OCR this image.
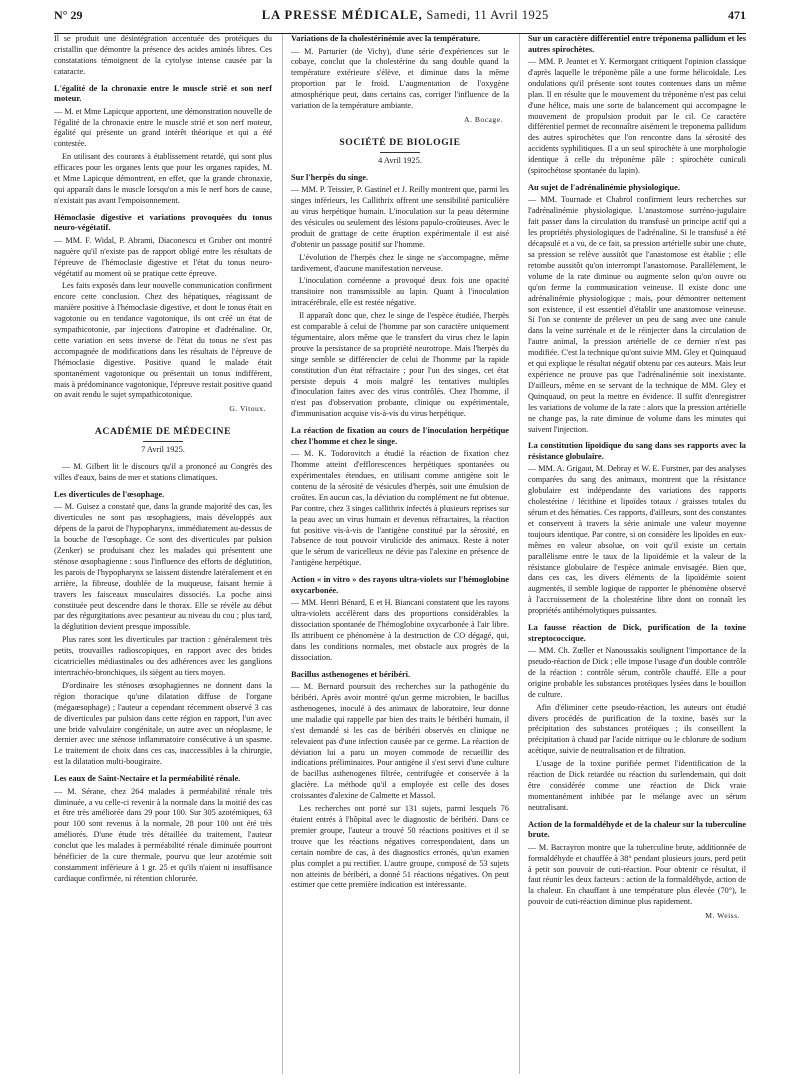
N° 29	LA PRESSE MÉDICALE, Samedi, 11 Avril 1925	471

Il se produit une désintégration accentuée des protéiques du cristallin que démontre la présence des acides aminés libres. Ces constatations témoignent de la cytolyse intense causée par la cataracte.

L'égalité de la chronaxie entre le muscle strié et son nerf moteur.

— M. et Mme Lapicque apportent, une démonstration nouvelle de l'égalité de la chronaxie entre le muscle strié et son nerf moteur, égalité qui présente un grand intérêt théorique et qui a été contestée.

En utilisant des courants à établissement retardé, qui sont plus efficaces pour les organes lents que pour les organes rapides, M. et Mme Lapicque démontrent, en effet, que la grande chronaxie, qui apparaît dans le muscle lorsqu'on a mis le nerf hors de cause, n'existait pas avant l'empoisonnement.

Hémoclasie digestive et variations provoquées du tonus neuro-végétatif.

— MM. F. Widal, P. Abrami, Diaconescu et Gruber ont montré naguère qu'il n'existe pas de rapport obligé entre les résultats de l'épreuve de l'hémoclasie digestive et l'état du tonus neuro-végétatif au moment où se pratique cette épreuve.

Les faits exposés dans leur nouvelle communication confirment encore cette conclusion. Chez des hépatiques, réagissant de manière positive à l'hémoclasie digestive, et dont le tonus était en vagotonie ou en tendance vagotonique, ils ont créé un état de sympathicotonie, par injections d'atropine et d'adrénaline. Or, cette variation en sens inverse de l'état du tonus ne s'est pas accompagnée de modifications dans les résultats de l'épreuve de l'hémoclasie digestive. Positive quand le malade était spontanément vagotonique ou présentait un tonus indifférent, mais à prédominance vagotonique, l'épreuve restait positive quand on avait rendu le sujet sympathicotonique.

G. Vitoux.

ACADÉMIE DE MÉDECINE
7 Avril 1925.

— M. Gilbert lit le discours qu'il a prononcé au Congrès des villes d'eaux, bains de mer et stations climatiques.

Les diverticules de l'œsophage.

— M. Guisez a constaté que, dans la grande majorité des cas, les diverticules ne sont pas œsophagiens, mais développés aux dépens de la paroi de l'hypopharynx, immédiatement au-dessus de la bouche de l'œsophage. Ce sont des diverticules par pulsion (Zenker) se produisant chez les malades qui présentent une sténose œsophagienne : sous l'influence des efforts de déglutition, les parois de l'hypopharynx se laissent distendre latéralement et en arrière, la fibreuse, doublée de la muqueuse, faisant hernie à travers les faisceaux musculaires dissociés. La poche ainsi constituée peut descendre dans le thorax. Elle se révèle au début par des régurgitations avec pesanteur au niveau du cou ; plus tard, la déglutition devient presque impossible.

Plus rares sont les diverticules par traction : généralement très petits, trouvailles radioscopiques, en rapport avec des brides cicatricielles médiastinales ou des adhérences avec les ganglions intertrachéo-bronchiques, ils siègent au tiers moyen.

D'ordinaire les sténoses œsophagiennes ne donnent dans la région thoracique qu'une dilatation diffuse de l'organe (mégaœsophage) ; l'auteur a cependant récemment observé 3 cas de diverticules par pulsion dans cette région en rapport, l'un avec une bride valvulaire congénitale, un autre avec un néoplasme, le dernier avec une sténose inflammatoire consécutive à un spasme. Le traitement de choix dans ces cas, inaccessibles à la chirurgie, est la dilatation multi-bougiraire.

Les eaux de Saint-Nectaire et la perméabilité rénale.

— M. Sérane, chez 264 malades à perméabilité rénale très diminuée, a vu celle-ci revenir à la normale dans la moitié des cas et être très améliorée dans 29 pour 100. Sur 305 azotémiques, 63 pour 100 sont revenus à la normale, 28 pour 100 ont été très améliorés. D'une étude très détaillée du traitement, l'auteur conclut que les malades à perméabilité rénale diminuée pourront bénéficier de la cure thermale, pourvu que leur azotémie soit constamment inférieure à 1 gr. 25 et qu'ils n'aient ni insuffisance cardiaque confirmée, ni rétention chlorurée.

Variations de la cholestérinémie avec la température.

— M. Parturier (de Vichy), d'une série d'expériences sur le cobaye, conclut que la cholestérine du sang double quand la température extérieure s'élève, et diminue dans la même proportion par le froid. L'augmentation de l'oxygène atmosphérique peut, dans certains cas, corriger l'influence de la variation de la température ambiante.

A. Bocage.

SOCIÉTÉ DE BIOLOGIE
4 Avril 1925.
Sur l'herpès du singe.

— MM. P. Teissier, P. Gastinel et J. Reilly montrent que, parmi les singes inférieurs, les Callithrix offrent une sensibilité particulière au virus herpétique humain. L'inoculation sur la peau détermine des vésicules ou seulement des lésions papulo-croûteuses. Avec le produit de grattage de cette éruption expérimentale il est aisé d'obtenir un passage positif sur l'homme.

L'évolution de l'herpès chez le singe ne s'accompagne, même tardivement, d'aucune manifestation nerveuse.

L'inoculation cornéenne a provoqué deux fois une opacité transitoire non transmissible au lapin. Quant à l'inoculation intracérébrale, elle est restée négative.

Il apparaît donc que, chez le singe de l'espèce étudiée, l'herpès est comparable à celui de l'homme par son caractère uniquement tégumentaire, alors même que le transfert du virus chez le lapin prouve la persistance de sa propriété neurotrope. Mais l'herpès du singe semble se différencier de celui de l'homme par la rapide constitution d'un état réfractaire ; pour l'un des singes, cet état persiste depuis 4 mois malgré les tentatives multiples d'inoculation faites avec des virus contrôlés. Chez l'homme, il n'est pas d'observation probante, clinique ou expérimentale, d'immunisation acquise vis-à-vis du virus herpétique.

La réaction de fixation au cours de l'inoculation herpétique chez l'homme et chez le singe.

— M. K. Todorovitch a étudié la réaction de fixation chez l'homme atteint d'efflorescences herpétiques spontanées ou expérimentales étendues, en utilisant comme antigène soit le contenu de la sérosité de vésicules d'herpès, soit une émulsion de croûtes. En aucun cas, la déviation du complément ne fut obtenue. Par contre, chez 3 singes callithrix infectés à plusieurs reprises sur la peau avec un virus humain et devenus réfractaires, la réaction fut positive vis-à-vis de l'antigène constitué par la sérosité, en l'absence de tout pouvoir virulicide des animaux. Reste à noter que le sérum de varicelleux ne dévie pas l'alexine en présence de l'antigène herpétique.

Action « in vitro » des rayons ultra-violets sur l'hémoglobine oxycarbonée.

— MM. Henri Bénard, E et H. Biancani constatent que les rayons ultra-violets accélèrent dans des proportions considérables la dissociation spontanée de l'hémoglobine oxycarbonée à l'air libre. Ils attribuent ce phénomène à la destruction de CO dégagé, qui, dans les conditions normales, met obstacle aux progrès de la dissociation.

Bacillus asthenogenes et béribéri.

— M. Bernard poursuit des recherches sur la pathogénie du béribéri. Après avoir montré qu'un germe microbien, le bacillus asthenogenes, inoculé à des animaux de laboratoire, leur donne une maladie qui rappelle par bien des traits le béribéri humain, il s'est demandé si les cas de béribéri observés en clinique ne relevaient pas d'une infection causée par ce germe. La réaction de déviation lui a paru un moyen commode de recueillir des indications préliminaires. Pour antigène il s'est servi d'une culture de bacillus asthenogenes filtrée, centrifugée et conservée à la glacière. La méthode qu'il a employée est celle des doses croissantes d'alexine de Calmette et Massol.

Les recherches ont porté sur 131 sujets, parmi lesquels 76 étaient entrés à l'hôpital avec le diagnostic de béribéri. Dans ce premier groupe, l'auteur a trouvé 50 réactions positives et il se trouve que les réactions négatives correspondaient, dans un certain nombre de cas, à des diagnostics erronés, qu'un examen plus complet a pu rectifier. L'autre groupe, composé de 53 sujets non atteints de béribéri, a donné 51 réactions négatives. On peut estimer que cette première indication est intéressante.

Sur un caractère différentiel entre tréponema pallidum et les autres spirochètes.

— MM. P. Jeantet et Y. Kermorgant critiquent l'opinion classique d'après laquelle le tréponème pâle a une forme hélicoïdale. Les ondulations qu'il présente sont toutes contenues dans un même plan. Il en résulte que le mouvement du tréponème n'est pas celui d'une hélice, mais une sorte de balancement qui accompagne le mouvement de propulsion produit par le cil. Ce caractère différentiel permet de reconnaître aisément le treponema pallidum des autres spirochètes que l'on rencontre dans la sérosité des accidents syphilitiques. Il a un seul spirochète à une morphologie identique à celle du tréponème pâle : spirochète cuniculi (spirochétose spontanée du lapin).

Au sujet de l'adrénalinémie physiologique.

— MM. Tournade et Chabrol confirment leurs recherches sur l'adrénalinémie physiologique. L'anastomose surréno-jugulaire fait passer dans la circulation du transfusé un principe actif qui a les propriétés physiologiques de l'adrénaline. Si le transfusé a été décapsulé et a vu, de ce fait, sa pression artérielle subir une chute, sa pression se relève aussitôt que l'anastomose est établie ; elle retombe aussitôt qu'on interrompt l'anastomose. Parallèlement, le volume de la rate diminue ou augmente selon qu'on ouvre ou qu'on ferme la communication veineuse. Il existe donc une adrénalinémie physiologique ; mais, pour démontrer nettement son existence, il est essentiel d'établir une anastomose veineuse. Si l'on se contente de prélever un peu de sang avec une canule dans la veine surrénale et de le réinjecter dans la circulation de l'autre animal, la pression artérielle de ce dernier n'est pas modifiée. C'est la technique qu'ont suivie MM. Gley et Quinquaud et qui explique le résultat négatif obtenu par ces auteurs. Mais leur expérience ne prouve pas que l'adrénalinémie soit inexistante. D'ailleurs, même en se servant de la technique de MM. Gley et Quinquaud, on peut la mettre en évidence. Il suffit d'enregistrer les variations de volume de la rate : alors que la pression artérielle ne change pas, la rate diminue de volume dans les minutes qui suivent l'injection.

La constitution lipoïdique du sang dans ses rapports avec la résistance globulaire.

— MM. A. Grigaut, M. Debray et W. E. Furstner, par des analyses comparées du sang des animaux, montrent que la résistance globulaire est indépendante des variations des rapports cholestérine / lécithine et lipoïdes totaux / graisses totales du sérum et des hématies. Ces rapports, d'ailleurs, sont des constantes et conservent à travers la série animale une valeur moyenne toujours identique. Par contre, si on considère les lipoïdes en eux-mêmes en valeur absolue, on voit qu'il existe un certain parallélisme entre le taux de la lipoïdémie et la valeur de la résistance globulaire de l'espèce animale envisagée. Bien que, dans ces cas, les divers éléments de la lipoïdémie soient augmentés, il semble logique de rapporter le phénomène observé à l'accroissement de la cholestérine libre dont on connaît les propriétés antihémolytiques puissantes.

La fausse réaction de Dick, purification de la toxine streptococcique.

— MM. Ch. Zœller et Nanoussakis soulignent l'importance de la pseudo-réaction de Dick ; elle impose l'usage d'un double contrôle de la réaction : contrôle sérum, contrôle chauffé. Elle a pour origine probable les substances protéiques lysées dans le bouillon de culture.

Afin d'éliminer cette pseudo-réaction, les auteurs ont étudié divers procédés de purification de la toxine, basés sur la précipitation des substances protéiques ; ils conseillent la précipitation à chaud par l'acide nitrique ou le chlorure de sodium acétique, suivie de neutralisation et de filtration.

L'usage de la toxine purifiée permet l'identification de la réaction de Dick retardée ou réaction du surlendemain, qui doit être considérée comme une réaction de Dick vraie momentanément inhibée par le mélange avec un sérum neutralisant.

Action de la formaldéhyde et de la chaleur sur la tuberculine brute.

— M. Bacrayron montre que la tuberculine brute, additionnée de formaldéhyde et chauffée à 38° pendant plusieurs jours, perd petit à petit son pouvoir de cuti-réaction. Pour obtenir ce résultat, il faut réunir les deux facteurs : action de la formaldéhyde, action de la chaleur. En chauffant à une température plus élevée (70°), le pouvoir de cuti-réaction diminue plus rapidement.

M. Weiss.
